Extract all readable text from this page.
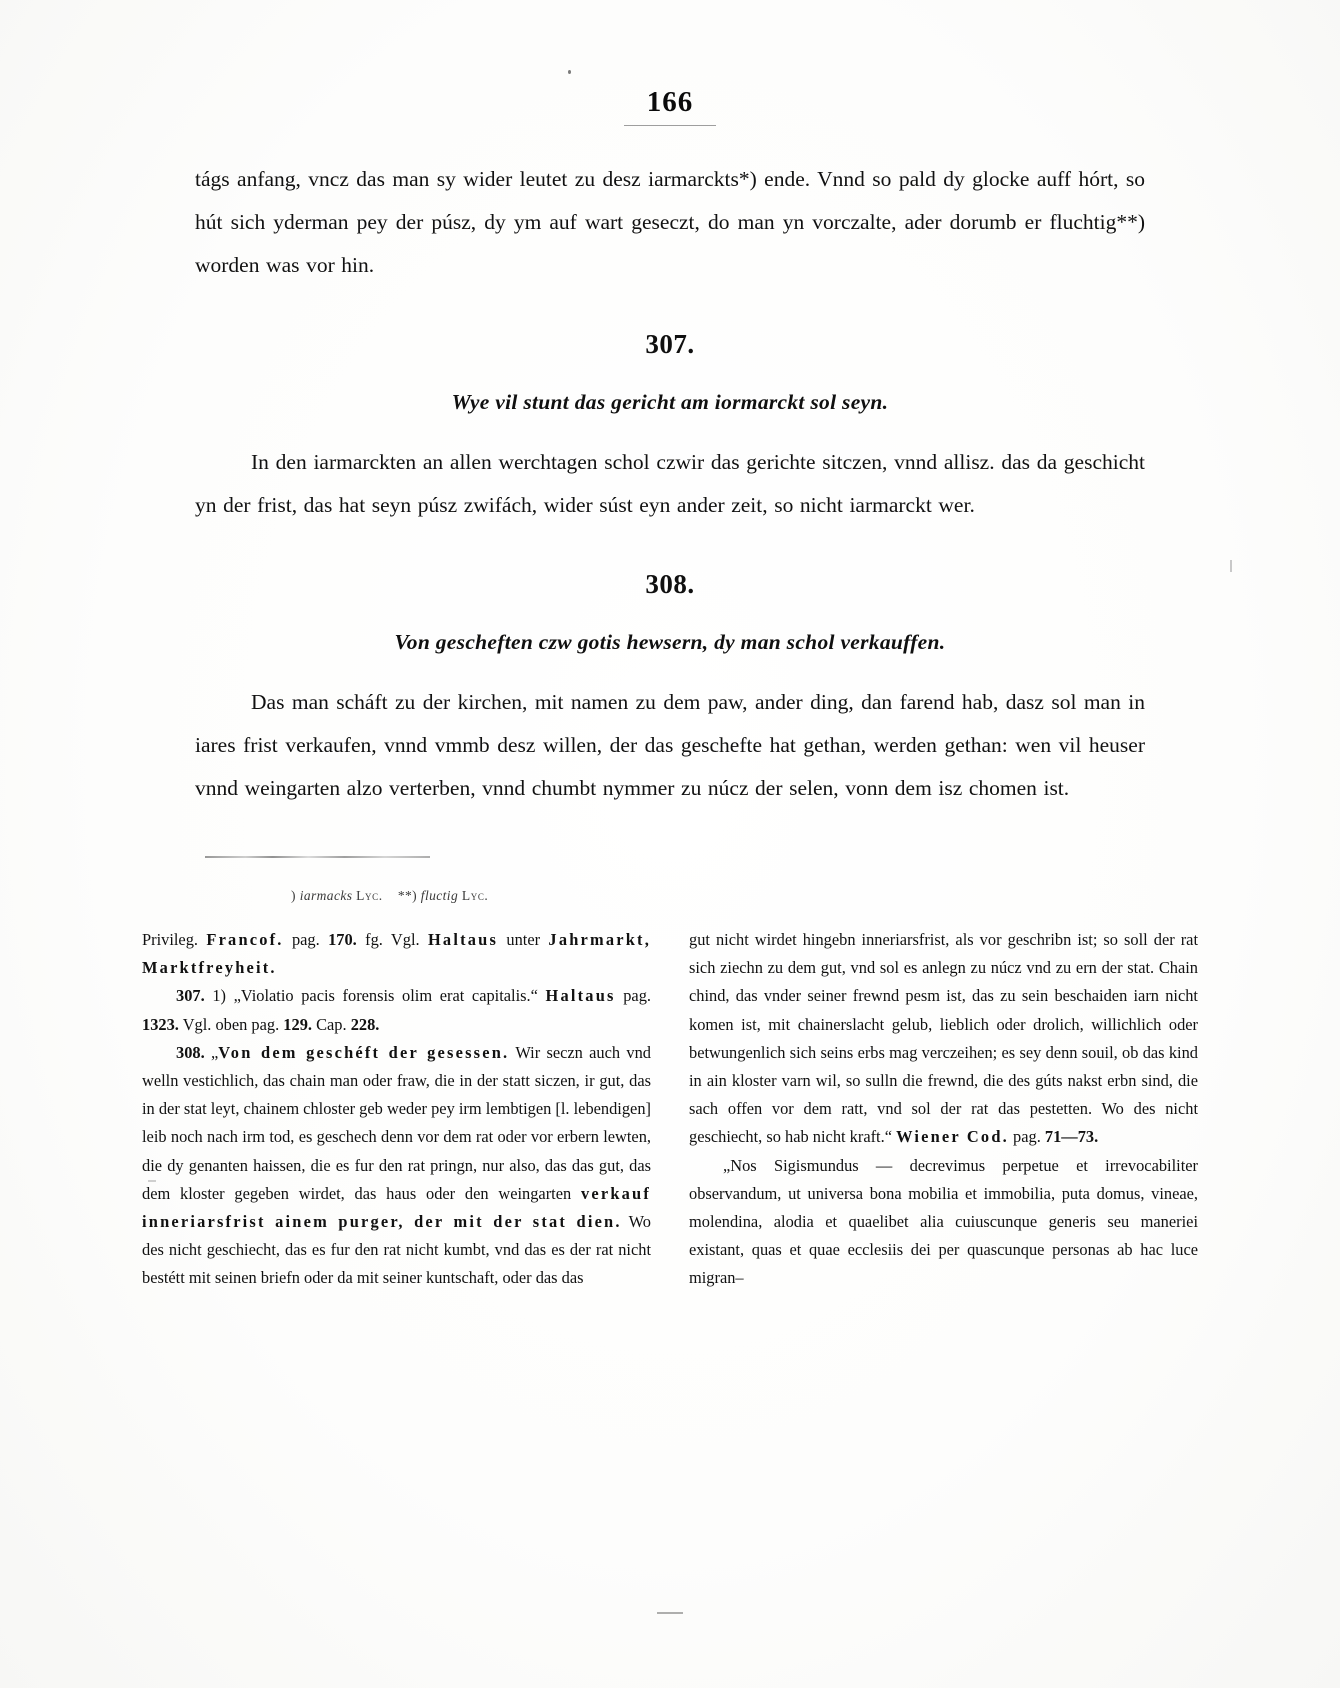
166

tágs anfang, vncz das man sy wider leutet zu desz iarmarckts*) ende. Vnnd so pald dy glocke auff hórt, so hút sich yderman pey der púsz, dy ym auf wart geseczt, do man yn vorczalte, ader dorumb er fluchtig**) worden was vor hin.

307.
Wye vil stunt das gericht am iormarckt sol seyn.

In den iarmarckten an allen werchtagen schol czwir das gerichte sitczen, vnnd allisz. das da geschicht yn der frist, das hat seyn púsz zwifách, wider súst eyn ander zeit, so nicht iarmarckt wer.

308.
Von gescheften czw gotis hewsern, dy man schol verkauffen.

Das man scháft zu der kirchen, mit namen zu dem paw, ander ding, dan farend hab, dasz sol man in iares frist verkaufen, vnnd vmmb desz willen, der das geschefte hat gethan, werden gethan: wen vil heuser vnnd weingarten alzo verterben, vnnd chumbt nymmer zu núcz der selen, vonn dem isz chomen ist.

) iarmacks Lyc. **) fluctig Lyc.

Privileg. Francof. pag. 170. fg. Vgl. Haltaus unter Jahrmarkt, Marktfreyheit.

307. 1) „Violatio pacis forensis olim erat capitalis.“ Haltaus pag. 1323. Vgl. oben pag. 129. Cap. 228.

308. „Von dem geschéft der gesessen. Wir seczn auch vnd welln vestichlich, das chain man oder fraw, die in der statt siczen, ir gut, das in der stat leyt, chainem chloster geb weder pey irm lembtigen [l. lebendigen] leib noch nach irm tod, es geschech denn vor dem rat oder vor erbern lewten, die dy genanten haissen, die es fur den rat pringn, nur also, das das gut, das dem kloster gegeben wirdet, das haus oder den weingarten verkauf inneriarsfrist ainem purger, der mit der stat dien. Wo des nicht geschiecht, das es fur den rat nicht kumbt, vnd das es der rat nicht bestétt mit seinen briefn oder da mit seiner kuntschaft, oder das das

gut nicht wirdet hingebn inneriarsfrist, als vor geschribn ist; so soll der rat sich ziechn zu dem gut, vnd sol es anlegn zu núcz vnd zu ern der stat. Chain chind, das vnder seiner frewnd pesm ist, das zu sein beschaiden iarn nicht komen ist, mit chainerslacht gelub, lieblich oder drolich, willichlich oder betwungenlich sich seins erbs mag verczeihen; es sey denn souil, ob das kind in ain kloster varn wil, so sulln die frewnd, die des gúts nakst erbn sind, die sach offen vor dem ratt, vnd sol der rat das pestetten. Wo des nicht geschiecht, so hab nicht kraft.“ Wiener Cod. pag. 71—73.

„Nos Sigismundus — decrevimus perpetue et irrevocabiliter observandum, ut universa bona mobilia et immobilia, puta domus, vineae, molendina, alodia et quaelibet alia cuiuscunque generis seu maneriei existant, quas et quae ecclesiis dei per quascunque personas ab hac luce migran–
